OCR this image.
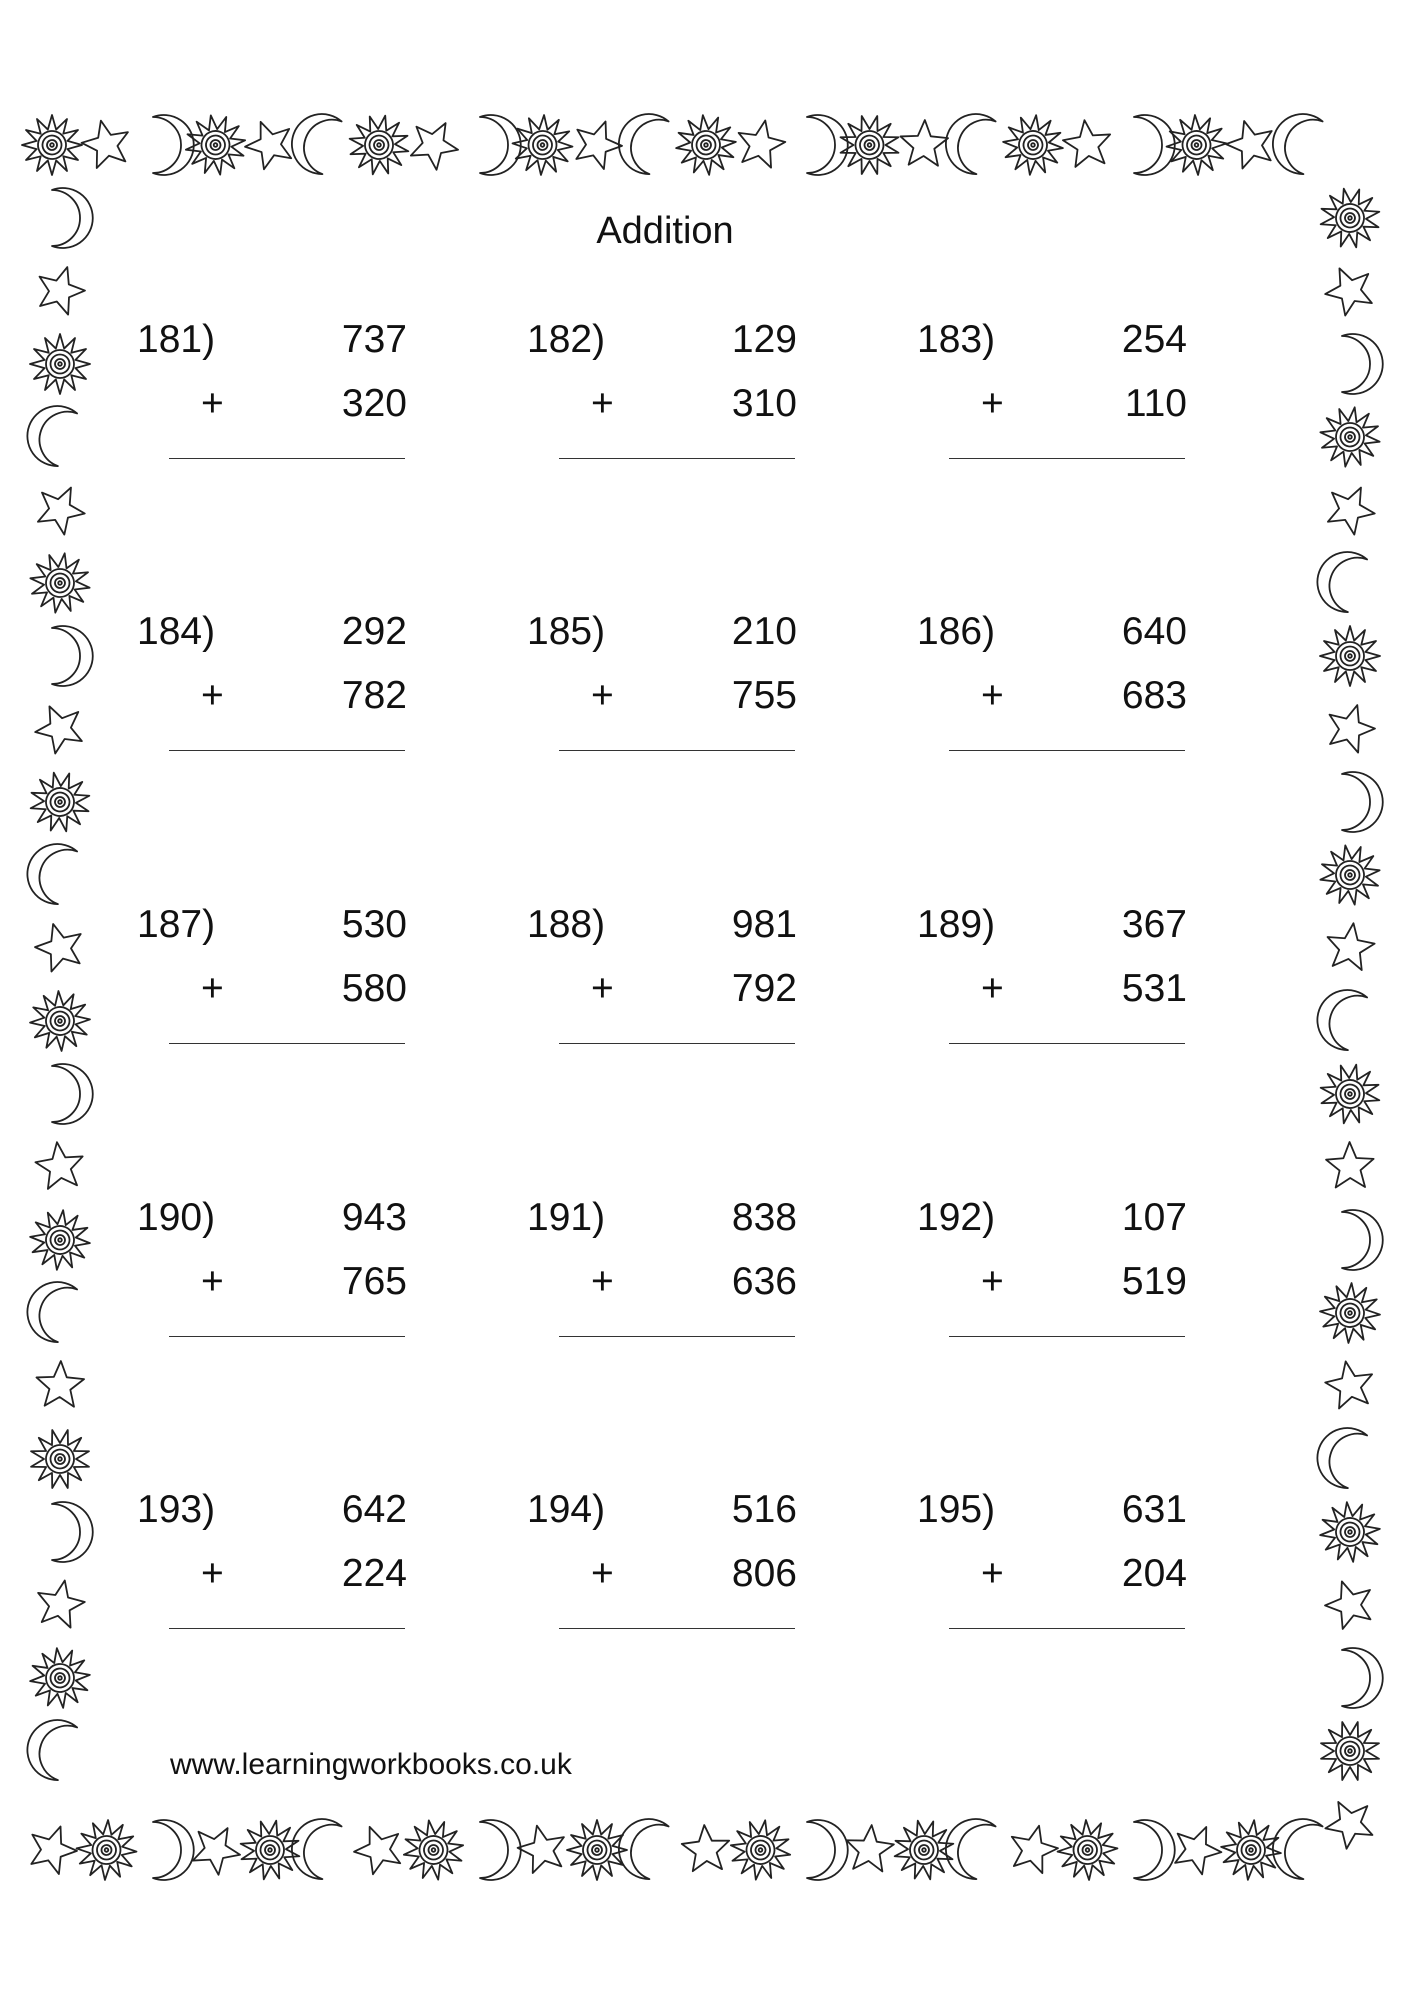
Addition
181)	737
+	320
182)	129
+	310
183)	254
+	110
184)	292
+	782
185)	210
+	755
186)	640
+	683
187)	530
+	580
188)	981
+	792
189)	367
+	531
190)	943
+	765
191)	838
+	636
192)	107
+	519
193)	642
+	224
194)	516
+	806
195)	631
+	204
www.learningworkbooks.co.uk
